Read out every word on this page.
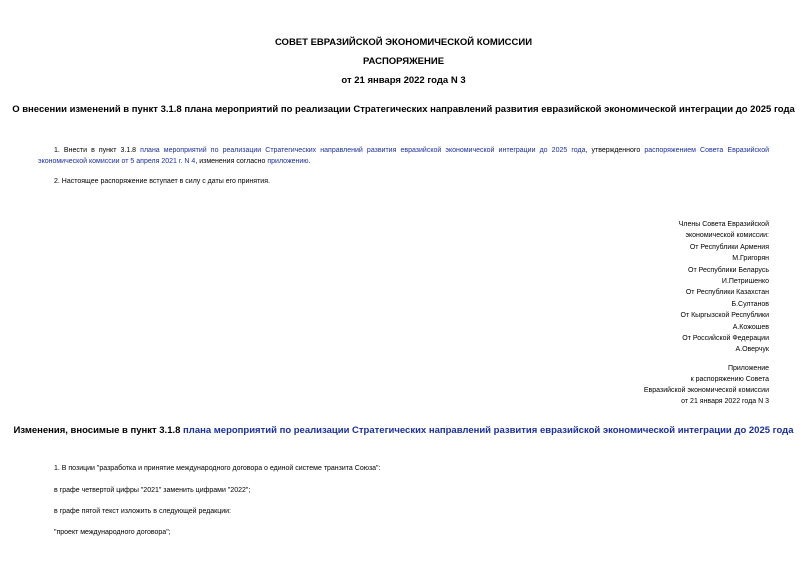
СОВЕТ ЕВРАЗИЙСКОЙ ЭКОНОМИЧЕСКОЙ КОМИССИИ
РАСПОРЯЖЕНИЕ
от 21 января 2022 года N 3
О внесении изменений в пункт 3.1.8 плана мероприятий по реализации Стратегических направлений развития евразийской экономической интеграции до 2025 года
1. Внести в пункт 3.1.8 плана мероприятий по реализации Стратегических направлений развития евразийской экономической интеграции до 2025 года, утвержденного распоряжением Совета Евразийской экономической комиссии от 5 апреля 2021 г. N 4, изменения согласно приложению.
2. Настоящее распоряжение вступает в силу с даты его принятия.
Члены Совета Евразийской
экономической комиссии:
От Республики Армения
М.Григорян
От Республики Беларусь
И.Петришенко
От Республики Казахстан
Б.Султанов
От Кыргызской Республики
А.Кожошев
От Российской Федерации
А.Оверчук
Приложение
к распоряжению Совета
Евразийской экономической комиссии
от 21 января 2022 года N 3
Изменения, вносимые в пункт 3.1.8 плана мероприятий по реализации Стратегических направлений развития евразийской экономической интеграции до 2025 года
1. В позиции "разработка и принятие международного договора о единой системе транзита Союза":
в графе четвертой цифры "2021" заменить цифрами "2022";
в графе пятой текст изложить в следующей редакции:
"проект международного договора";
